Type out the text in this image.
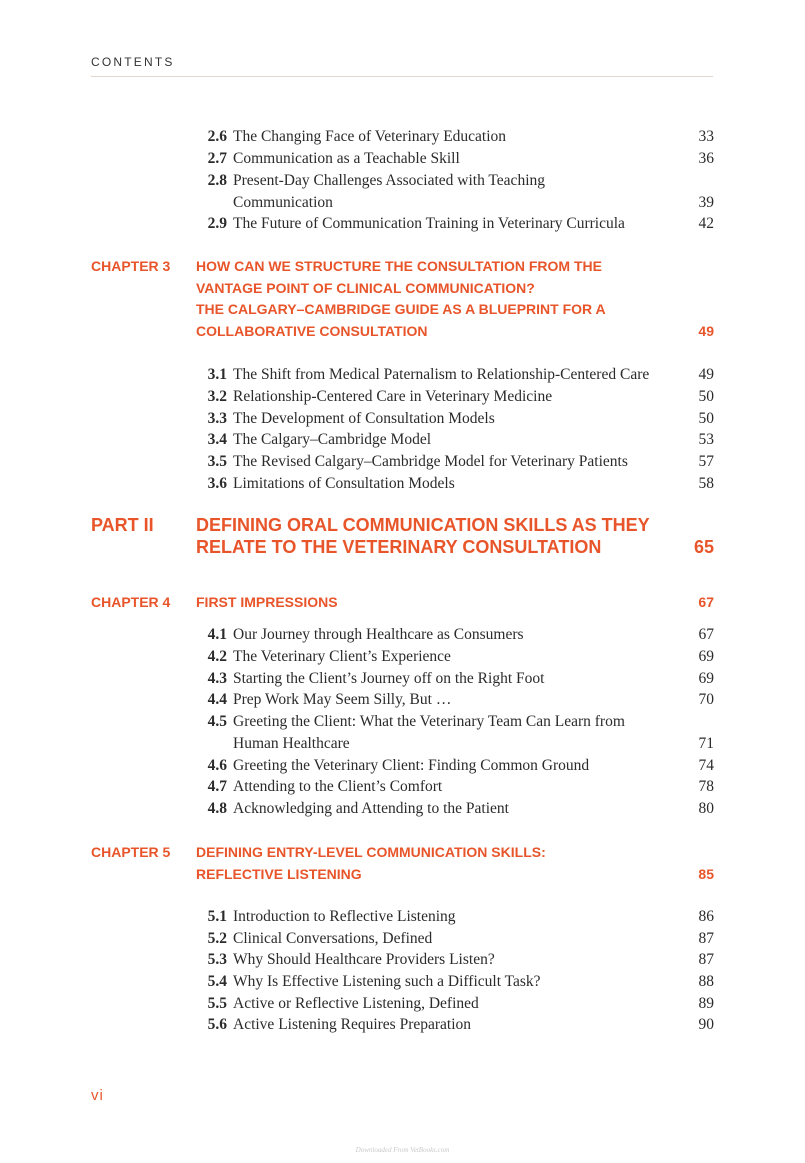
CONTENTS
2.6 The Changing Face of Veterinary Education	33
2.7 Communication as a Teachable Skill	36
2.8 Present-Day Challenges Associated with Teaching
Communication	39
2.9 The Future of Communication Training in Veterinary Curricula	42
CHAPTER 3 HOW CAN WE STRUCTURE THE CONSULTATION FROM THE
VANTAGE POINT OF CLINICAL COMMUNICATION?
THE CALGARY–CAMBRIDGE GUIDE AS A BLUEPRINT FOR A
COLLABORATIVE CONSULTATION	49
3.1 The Shift from Medical Paternalism to Relationship-Centered Care	49
3.2 Relationship-Centered Care in Veterinary Medicine	50
3.3 The Development of Consultation Models	50
3.4 The Calgary–Cambridge Model	53
3.5 The Revised Calgary–Cambridge Model for Veterinary Patients	57
3.6 Limitations of Consultation Models	58
PART II DEFINING ORAL COMMUNICATION SKILLS AS THEY
RELATE TO THE VETERINARY CONSULTATION	65
CHAPTER 4 FIRST IMPRESSIONS	67
4.1 Our Journey through Healthcare as Consumers	67
4.2 The Veterinary Client’s Experience	69
4.3 Starting the Client’s Journey off on the Right Foot	69
4.4 Prep Work May Seem Silly, But …	70
4.5 Greeting the Client: What the Veterinary Team Can Learn from
Human Healthcare	71
4.6 Greeting the Veterinary Client: Finding Common Ground	74
4.7 Attending to the Client’s Comfort	78
4.8 Acknowledging and Attending to the Patient	80
CHAPTER 5 DEFINING ENTRY-LEVEL COMMUNICATION SKILLS:
REFLECTIVE LISTENING	85
5.1 Introduction to Reflective Listening	86
5.2 Clinical Conversations, Defined	87
5.3 Why Should Healthcare Providers Listen?	87
5.4 Why Is Effective Listening such a Difficult Task?	88
5.5 Active or Reflective Listening, Defined	89
5.6 Active Listening Requires Preparation	90
vi
Downloaded From VetBooks.com
